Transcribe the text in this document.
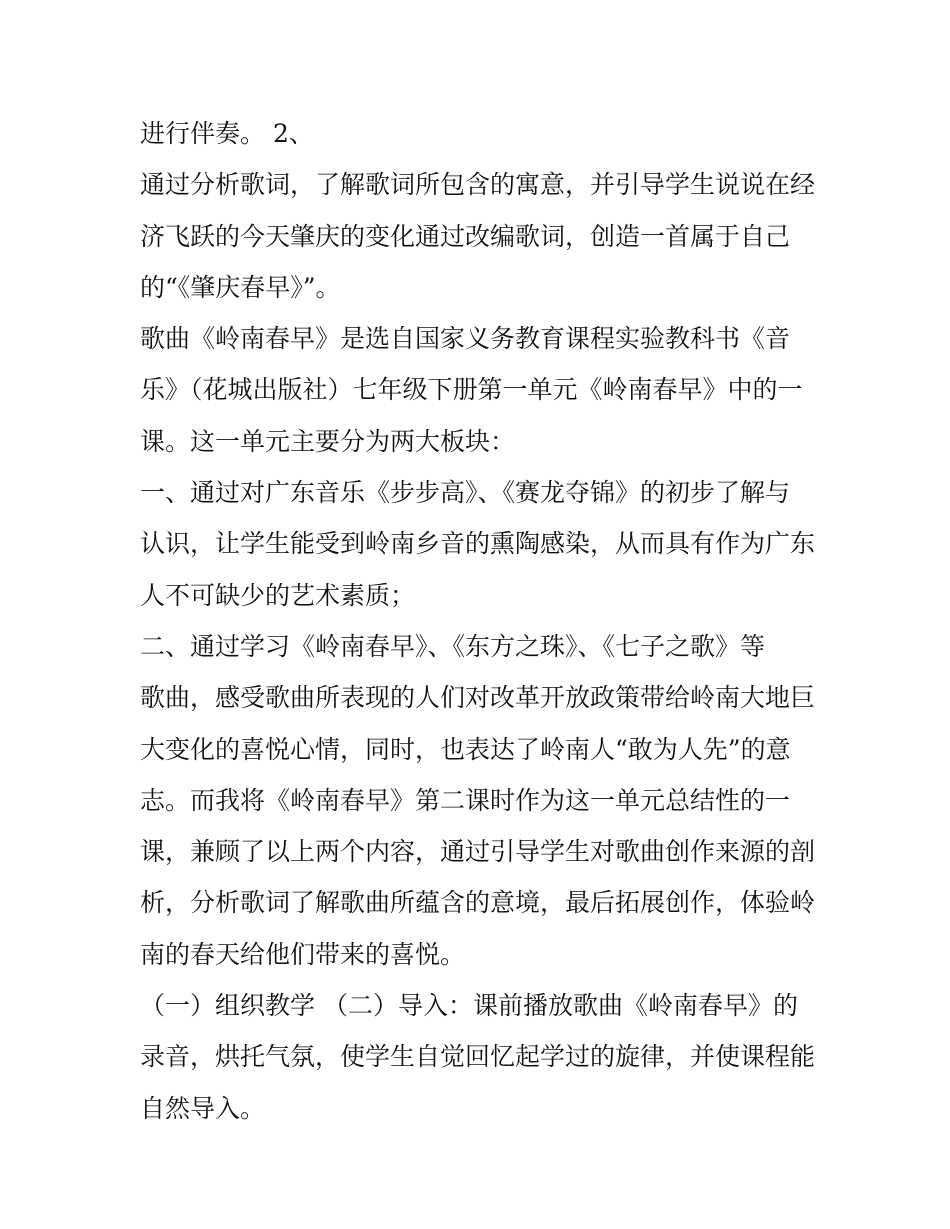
进行伴奏。 2、
通过分析歌词，了解歌词所包含的寓意，并引导学生说说在经
济飞跃的今天肇庆的变化通过改编歌词，创造一首属于自己
的“《肇庆春早》”。
歌曲《岭南春早》是选自国家义务教育课程实验教科书《音
乐》（花城出版社）七年级下册第一单元《岭南春早》中的一
课。这一单元主要分为两大板块：
一、通过对广东音乐《步步高》、《赛龙夺锦》的初步了解与
认识，让学生能受到岭南乡音的熏陶感染，从而具有作为广东
人不可缺少的艺术素质；
二、通过学习《岭南春早》、《东方之珠》、《七子之歌》等
歌曲，感受歌曲所表现的人们对改革开放政策带给岭南大地巨
大变化的喜悦心情，同时，也表达了岭南人“敢为人先”的意
志。而我将《岭南春早》第二课时作为这一单元总结性的一
课，兼顾了以上两个内容，通过引导学生对歌曲创作来源的剖
析，分析歌词了解歌曲所蕴含的意境，最后拓展创作，体验岭
南的春天给他们带来的喜悦。
（一）组织教学 （二）导入：课前播放歌曲《岭南春早》的
录音，烘托气氛，使学生自觉回忆起学过的旋律，并使课程能
自然导入。
